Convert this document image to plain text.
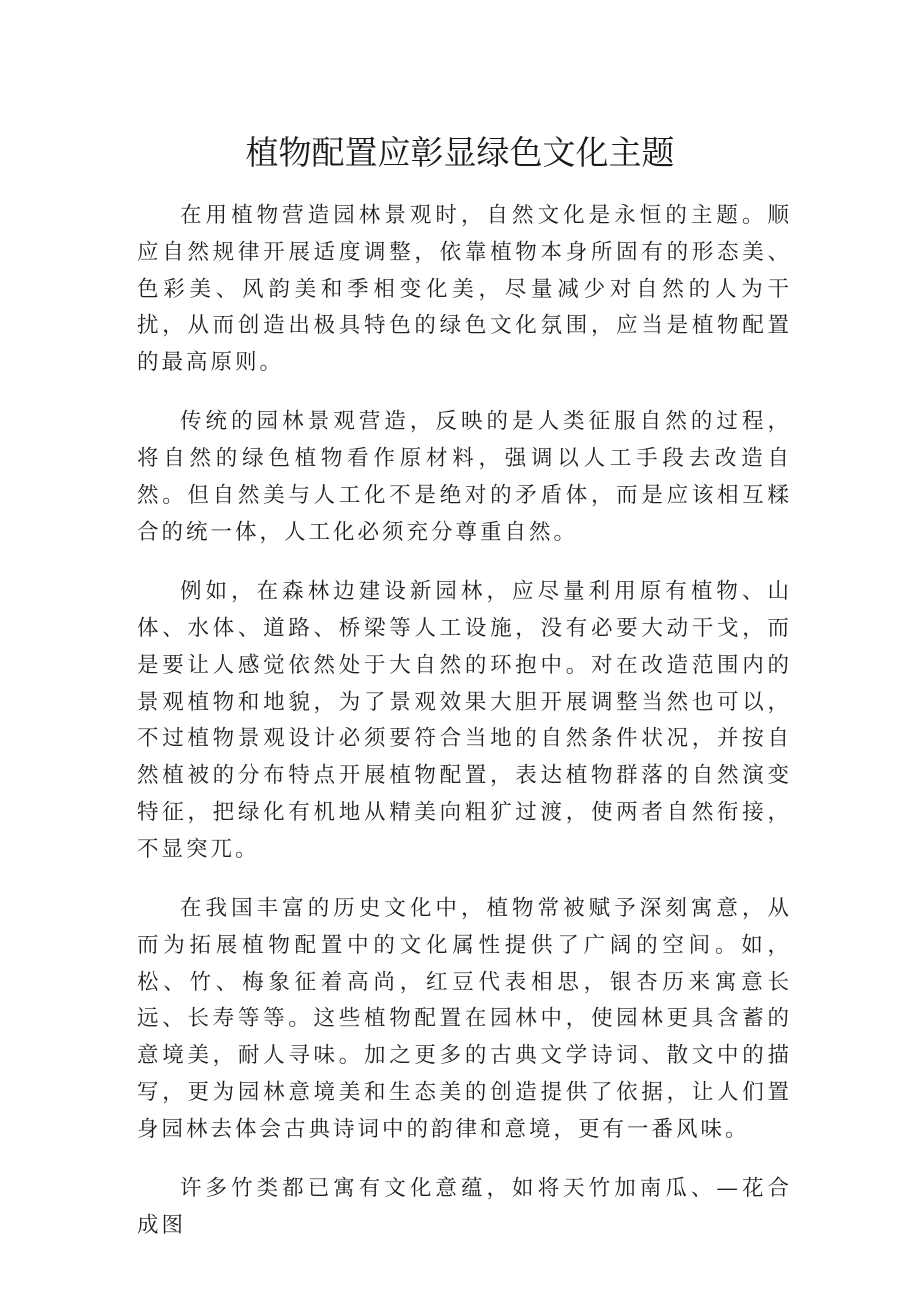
植物配置应彰显绿色文化主题

在用植物营造园林景观时，自然文化是永恒的主题。顺应自然规律开展适度调整，依靠植物本身所固有的形态美、色彩美、风韵美和季相变化美，尽量减少对自然的人为干扰，从而创造出极具特色的绿色文化氛围，应当是植物配置的最高原则。

传统的园林景观营造，反映的是人类征服自然的过程，将自然的绿色植物看作原材料，强调以人工手段去改造自然。但自然美与人工化不是绝对的矛盾体，而是应该相互糅合的统一体，人工化必须充分尊重自然。

例如，在森林边建设新园林，应尽量利用原有植物、山体、水体、道路、桥梁等人工设施，没有必要大动干戈，而是要让人感觉依然处于大自然的环抱中。对在改造范围内的景观植物和地貌，为了景观效果大胆开展调整当然也可以，不过植物景观设计必须要符合当地的自然条件状况，并按自然植被的分布特点开展植物配置，表达植物群落的自然演变特征，把绿化有机地从精美向粗犷过渡，使两者自然衔接，不显突兀。

在我国丰富的历史文化中，植物常被赋予深刻寓意，从而为拓展植物配置中的文化属性提供了广阔的空间。如，松、竹、梅象征着高尚，红豆代表相思，银杏历来寓意长远、长寿等等。这些植物配置在园林中，使园林更具含蓄的意境美，耐人寻味。加之更多的古典文学诗词、散文中的描写，更为园林意境美和生态美的创造提供了依据，让人们置身园林去体会古典诗词中的韵律和意境，更有一番风味。

许多竹类都已寓有文化意蕴，如将天竹加南瓜、—花合成图
